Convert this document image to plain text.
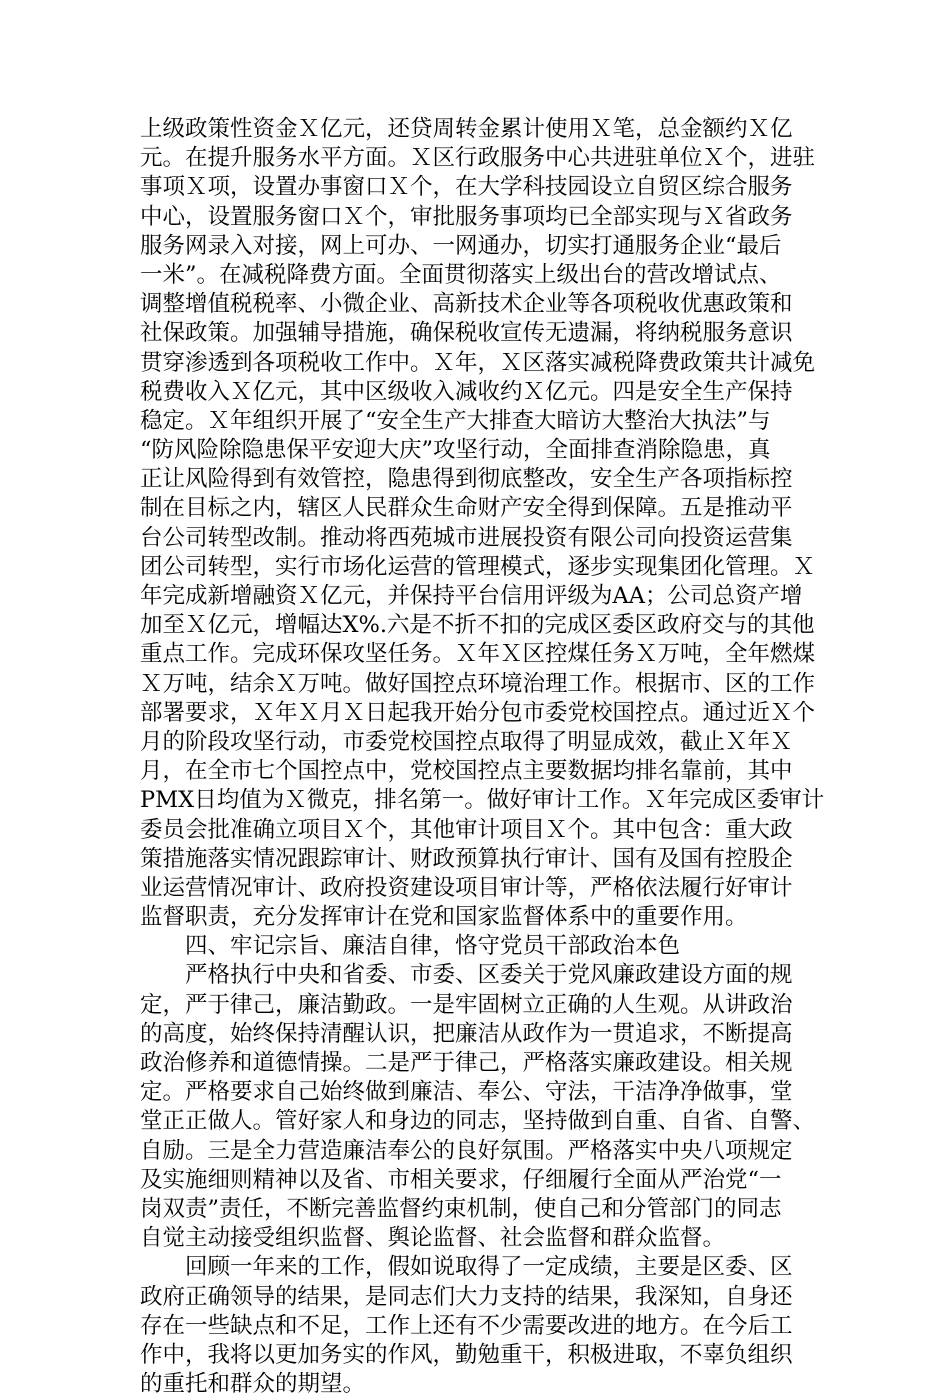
上级政策性资金Ｘ亿元，还贷周转金累计使用Ｘ笔，总金额约Ｘ亿
元。在提升服务水平方面。Ｘ区行政服务中心共进驻单位Ｘ个，进驻
事项Ｘ项，设置办事窗口Ｘ个，在大学科技园设立自贸区综合服务
中心，设置服务窗口Ｘ个，审批服务事项均已全部实现与Ｘ省政务
服务网录入对接，网上可办、一网通办，切实打通服务企业“最后
一米”。在减税降费方面。全面贯彻落实上级出台的营改增试点、
调整增值税税率、小微企业、高新技术企业等各项税收优惠政策和
社保政策。加强辅导措施，确保税收宣传无遗漏，将纳税服务意识
贯穿渗透到各项税收工作中。Ｘ年，Ｘ区落实减税降费政策共计减免
税费收入Ｘ亿元，其中区级收入减收约Ｘ亿元。四是安全生产保持
稳定。Ｘ年组织开展了“安全生产大排查大暗访大整治大执法”与
“防风险除隐患保平安迎大庆”攻坚行动，全面排查消除隐患，真
正让风险得到有效管控，隐患得到彻底整改，安全生产各项指标控
制在目标之内，辖区人民群众生命财产安全得到保障。五是推动平
台公司转型改制。推动将西苑城市进展投资有限公司向投资运营集
团公司转型，实行市场化运营的管理模式，逐步实现集团化管理。Ｘ
年完成新增融资Ｘ亿元，并保持平台信用评级为AA；公司总资产增
加至Ｘ亿元，增幅达X%.六是不折不扣的完成区委区政府交与的其他
重点工作。完成环保攻坚任务。Ｘ年Ｘ区控煤任务Ｘ万吨，全年燃煤
Ｘ万吨，结余Ｘ万吨。做好国控点环境治理工作。根据市、区的工作
部署要求，Ｘ年Ｘ月Ｘ日起我开始分包市委党校国控点。通过近Ｘ个
月的阶段攻坚行动，市委党校国控点取得了明显成效，截止Ｘ年Ｘ
月，在全市七个国控点中，党校国控点主要数据均排名靠前，其中
PMX日均值为Ｘ微克，排名第一。做好审计工作。Ｘ年完成区委审计
委员会批准确立项目Ｘ个，其他审计项目Ｘ个。其中包含：重大政
策措施落实情况跟踪审计、财政预算执行审计、国有及国有控股企
业运营情况审计、政府投资建设项目审计等，严格依法履行好审计
监督职责，充分发挥审计在党和国家监督体系中的重要作用。
　　四、牢记宗旨、廉洁自律，恪守党员干部政治本色
　　严格执行中央和省委、市委、区委关于党风廉政建设方面的规
定，严于律己，廉洁勤政。一是牢固树立正确的人生观。从讲政治
的高度，始终保持清醒认识，把廉洁从政作为一贯追求，不断提高
政治修养和道德情操。二是严于律己，严格落实廉政建设。相关规
定。严格要求自己始终做到廉洁、奉公、守法，干洁净净做事，堂
堂正正做人。管好家人和身边的同志，坚持做到自重、自省、自警、
自励。三是全力营造廉洁奉公的良好氛围。严格落实中央八项规定
及实施细则精神以及省、市相关要求，仔细履行全面从严治党“一
岗双责”责任，不断完善监督约束机制，使自己和分管部门的同志
自觉主动接受组织监督、舆论监督、社会监督和群众监督。
　　回顾一年来的工作，假如说取得了一定成绩，主要是区委、区
政府正确领导的结果，是同志们大力支持的结果，我深知，自身还
存在一些缺点和不足，工作上还有不少需要改进的地方。在今后工
作中，我将以更加务实的作风，勤勉重干，积极进取，不辜负组织
的重托和群众的期望。
